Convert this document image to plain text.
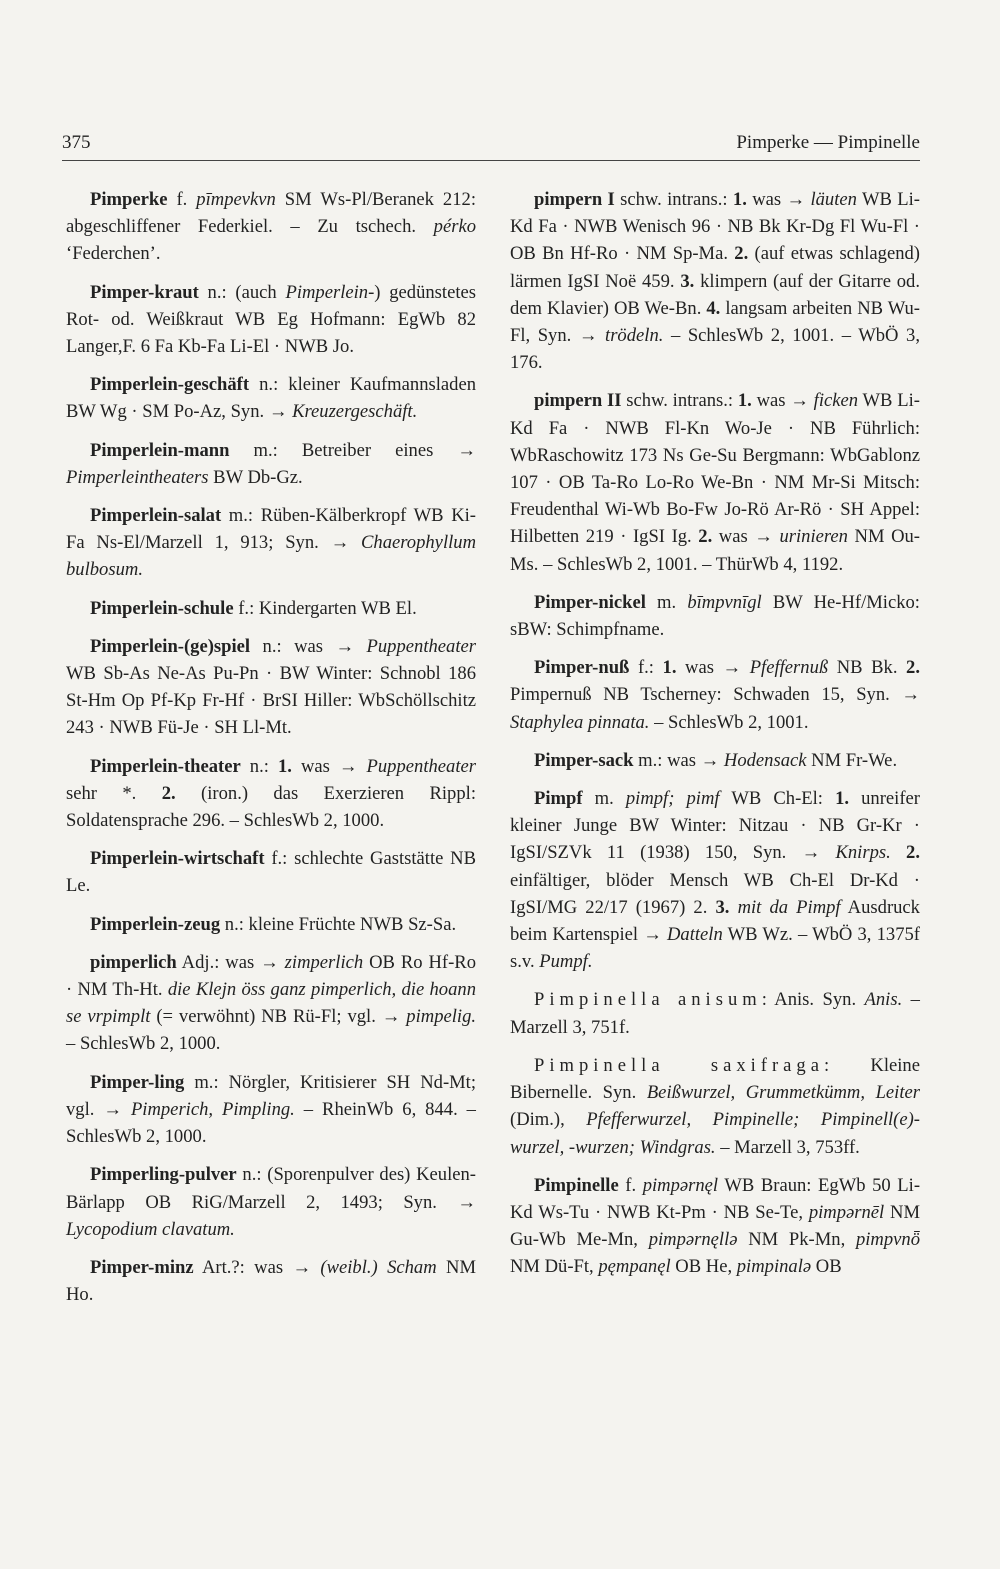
375	Pimperke — Pimpinelle

Pimperke f. pīmpevkvn SM Ws-Pl/Beranek 212: abgeschliffener Federkiel. – Zu tschech. pérko ‘Federchen’.

Pimper-kraut n.: (auch Pimperlein-) gedünstetes Rot- od. Weißkraut WB Eg Hofmann: EgWb 82 Langer,F. 6 Fa Kb-Fa Li-El · NWB Jo.

Pimperlein-geschäft n.: kleiner Kaufmannsladen BW Wg · SM Po-Az, Syn. → Kreuzergeschäft.

Pimperlein-mann m.: Betreiber eines → Pimperleintheaters BW Db-Gz.

Pimperlein-salat m.: Rüben-Kälberkropf WB Ki-Fa Ns-El/Marzell 1, 913; Syn. → Chaerophyllum bulbosum.

Pimperlein-schule f.: Kindergarten WB El.

Pimperlein-(ge)spiel n.: was → Puppentheater WB Sb-As Ne-As Pu-Pn · BW Winter: Schnobl 186 St-Hm Op Pf-Kp Fr-Hf · BrSI Hiller: WbSchöllschitz 243 · NWB Fü-Je · SH Ll-Mt.

Pimperlein-theater n.: 1. was → Puppentheater sehr *. 2. (iron.) das Exerzieren Rippl: Soldatensprache 296. – SchlesWb 2, 1000.

Pimperlein-wirtschaft f.: schlechte Gaststätte NB Le.

Pimperlein-zeug n.: kleine Früchte NWB Sz-Sa.

pimperlich Adj.: was → zimperlich OB Ro Hf-Ro · NM Th-Ht. die Klejn öss ganz pimperlich, die hoann se vrpimplt (= verwöhnt) NB Rü-Fl; vgl. → pimpelig. – SchlesWb 2, 1000.

Pimper-ling m.: Nörgler, Kritisierer SH Nd-Mt; vgl. → Pimperich, Pimpling. – RheinWb 6, 844. – SchlesWb 2, 1000.

Pimperling-pulver n.: (Sporenpulver des) Keulen-Bärlapp OB RiG/Marzell 2, 1493; Syn. → Lycopodium clavatum.

Pimper-minz Art.?: was → (weibl.) Scham NM Ho.

pimpern I schw. intrans.: 1. was → läuten WB Li-Kd Fa · NWB Wenisch 96 · NB Bk Kr-Dg Fl Wu-Fl · OB Bn Hf-Ro · NM Sp-Ma. 2. (auf etwas schlagend) lärmen IgSI Noë 459. 3. klimpern (auf der Gitarre od. dem Klavier) OB We-Bn. 4. langsam arbeiten NB Wu-Fl, Syn. → trödeln. – SchlesWb 2, 1001. – WbÖ 3, 176.

pimpern II schw. intrans.: 1. was → ficken WB Li-Kd Fa · NWB Fl-Kn Wo-Je · NB Führlich: WbRaschowitz 173 Ns Ge-Su Bergmann: WbGablonz 107 · OB Ta-Ro Lo-Ro We-Bn · NM Mr-Si Mitsch: Freudenthal Wi-Wb Bo-Fw Jo-Rö Ar-Rö · SH Appel: Hilbetten 219 · IgSI Ig. 2. was → urinieren NM Ou-Ms. – SchlesWb 2, 1001. – ThürWb 4, 1192.

Pimper-nickel m. bīmpvnīgl BW He-Hf/Micko: sBW: Schimpfname.

Pimper-nuß f.: 1. was → Pfeffernuß NB Bk. 2. Pimpernuß NB Tscherney: Schwaden 15, Syn. → Staphylea pinnata. – SchlesWb 2, 1001.

Pimper-sack m.: was → Hodensack NM Fr-We.

Pimpf m. pimpf; pimf WB Ch-El: 1. unreifer kleiner Junge BW Winter: Nitzau · NB Gr-Kr · IgSI/SZVk 11 (1938) 150, Syn. → Knirps. 2. einfältiger, blöder Mensch WB Ch-El Dr-Kd · IgSI/MG 22/17 (1967) 2. 3. mit da Pimpf Ausdruck beim Kartenspiel → Datteln WB Wz. – WbÖ 3, 1375f s.v. Pumpf.

Pimpinella anisum: Anis. Syn. Anis. – Marzell 3, 751f.

Pimpinella saxifraga: Kleine Bibernelle. Syn. Beißwurzel, Grummetkümm, Leiter (Dim.), Pfefferwurzel, Pimpinelle; Pimpinell(e)-wurzel, -wurzen; Windgras. – Marzell 3, 753ff.

Pimpinelle f. pimpərnęl WB Braun: EgWb 50 Li-Kd Ws-Tu · NWB Kt-Pm · NB Se-Te, pimpərnēl NM Gu-Wb Me-Mn, pimpərnęllə NM Pk-Mn, pimpvnȫ NM Dü-Ft, pęmpanęl OB He, pimpinalə OB
